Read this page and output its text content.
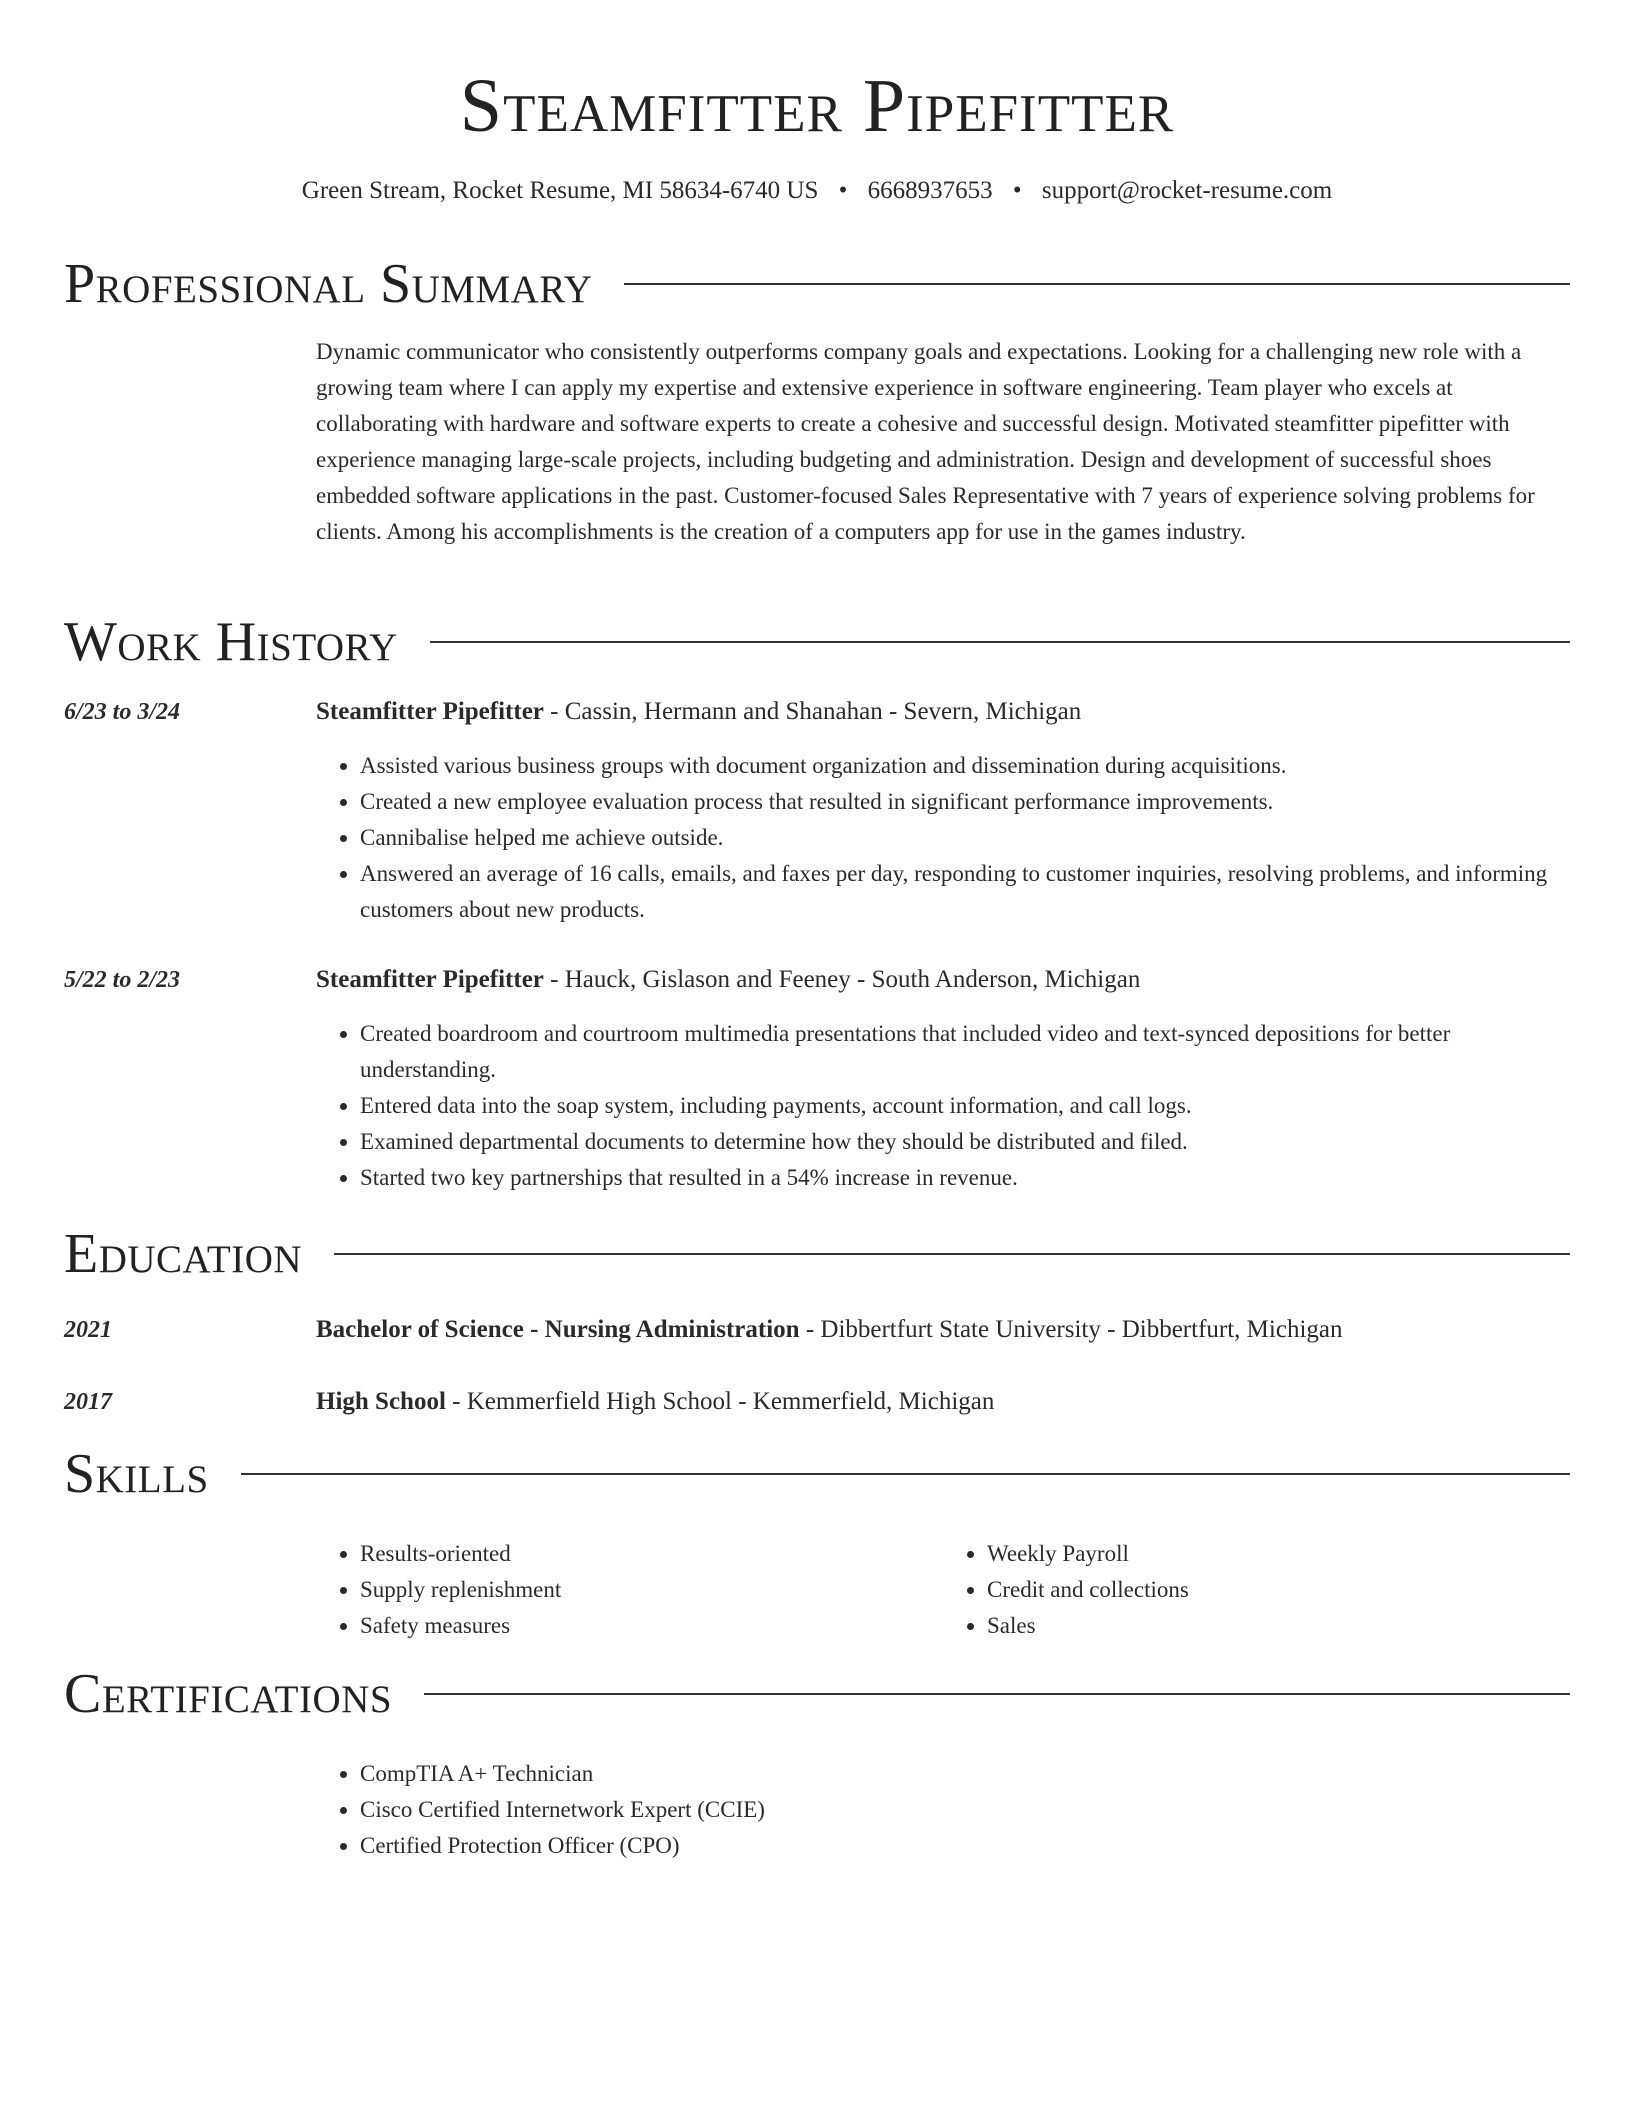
Steamfitter Pipefitter
Green Stream, Rocket Resume, MI 58634-6740 US • 6668937653 • support@rocket-resume.com
Professional Summary

Dynamic communicator who consistently outperforms company goals and expectations. Looking for a challenging new role with a growing team where I can apply my expertise and extensive experience in software engineering. Team player who excels at collaborating with hardware and software experts to create a cohesive and successful design. Motivated steamfitter pipefitter with experience managing large-scale projects, including budgeting and administration. Design and development of successful shoes embedded software applications in the past. Customer-focused Sales Representative with 7 years of experience solving problems for clients. Among his accomplishments is the creation of a computers app for use in the games industry.

Work History
6/23 to 3/24	Steamfitter Pipefitter - Cassin, Hermann and Shanahan - Severn, Michigan
• Assisted various business groups with document organization and dissemination during acquisitions.
• Created a new employee evaluation process that resulted in significant performance improvements.
• Cannibalise helped me achieve outside.
• Answered an average of 16 calls, emails, and faxes per day, responding to customer inquiries, resolving problems, and informing customers about new products.
5/22 to 2/23	Steamfitter Pipefitter - Hauck, Gislason and Feeney - South Anderson, Michigan
• Created boardroom and courtroom multimedia presentations that included video and text-synced depositions for better understanding.
• Entered data into the soap system, including payments, account information, and call logs.
• Examined departmental documents to determine how they should be distributed and filed.
• Started two key partnerships that resulted in a 54% increase in revenue.
Education
2021	Bachelor of Science - Nursing Administration - Dibbertfurt State University - Dibbertfurt, Michigan
2017	High School - Kemmerfield High School - Kemmerfield, Michigan
Skills
• Results-oriented
• Supply replenishment
• Safety measures
• Weekly Payroll
• Credit and collections
• Sales
Certifications
• CompTIA A+ Technician
• Cisco Certified Internetwork Expert (CCIE)
• Certified Protection Officer (CPO)
